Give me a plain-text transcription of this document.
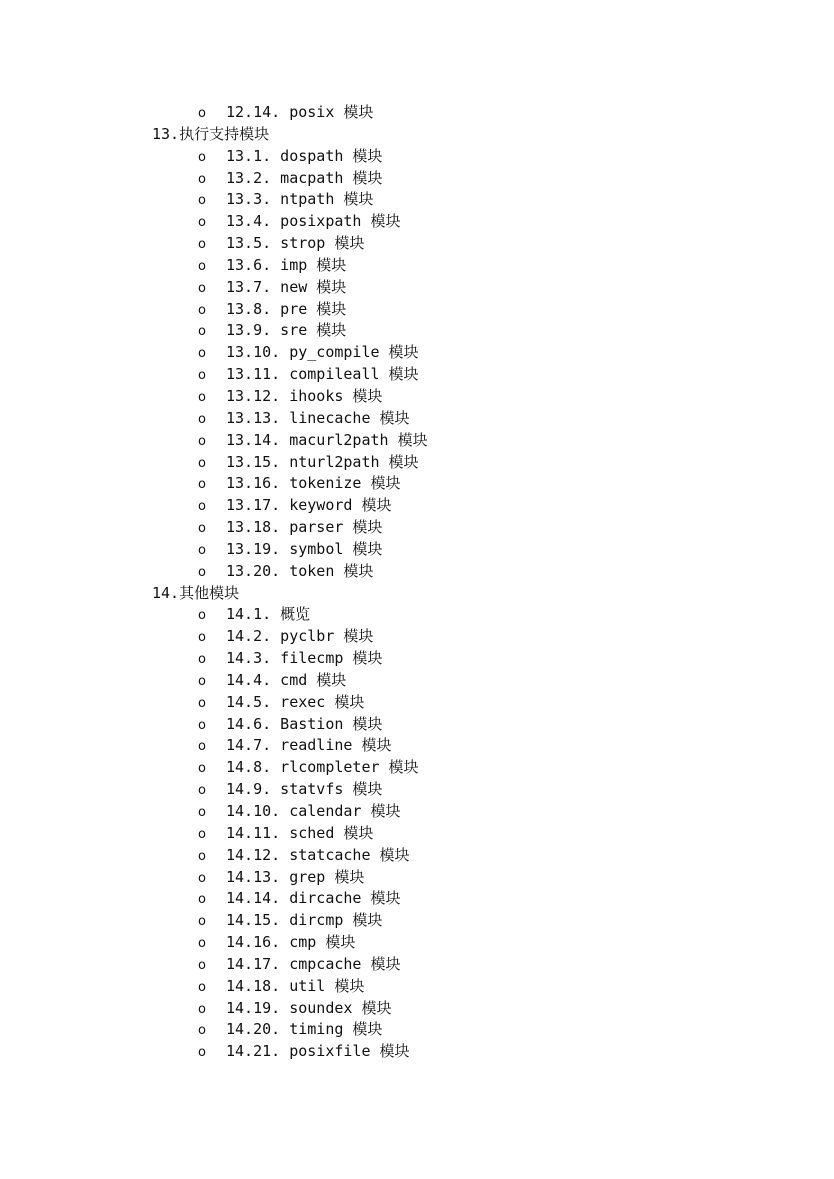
o 12.14. posix 模块
13.执行支持模块
o 13.1. dospath 模块
o 13.2. macpath 模块
o 13.3. ntpath 模块
o 13.4. posixpath 模块
o 13.5. strop 模块
o 13.6. imp 模块
o 13.7. new 模块
o 13.8. pre 模块
o 13.9. sre 模块
o 13.10. py_compile 模块
o 13.11. compileall 模块
o 13.12. ihooks 模块
o 13.13. linecache 模块
o 13.14. macurl2path 模块
o 13.15. nturl2path 模块
o 13.16. tokenize 模块
o 13.17. keyword 模块
o 13.18. parser 模块
o 13.19. symbol 模块
o 13.20. token 模块
14.其他模块
o 14.1. 概览
o 14.2. pyclbr 模块
o 14.3. filecmp 模块
o 14.4. cmd 模块
o 14.5. rexec 模块
o 14.6. Bastion 模块
o 14.7. readline 模块
o 14.8. rlcompleter 模块
o 14.9. statvfs 模块
o 14.10. calendar 模块
o 14.11. sched 模块
o 14.12. statcache 模块
o 14.13. grep 模块
o 14.14. dircache 模块
o 14.15. dircmp 模块
o 14.16. cmp 模块
o 14.17. cmpcache 模块
o 14.18. util 模块
o 14.19. soundex 模块
o 14.20. timing 模块
o 14.21. posixfile 模块
